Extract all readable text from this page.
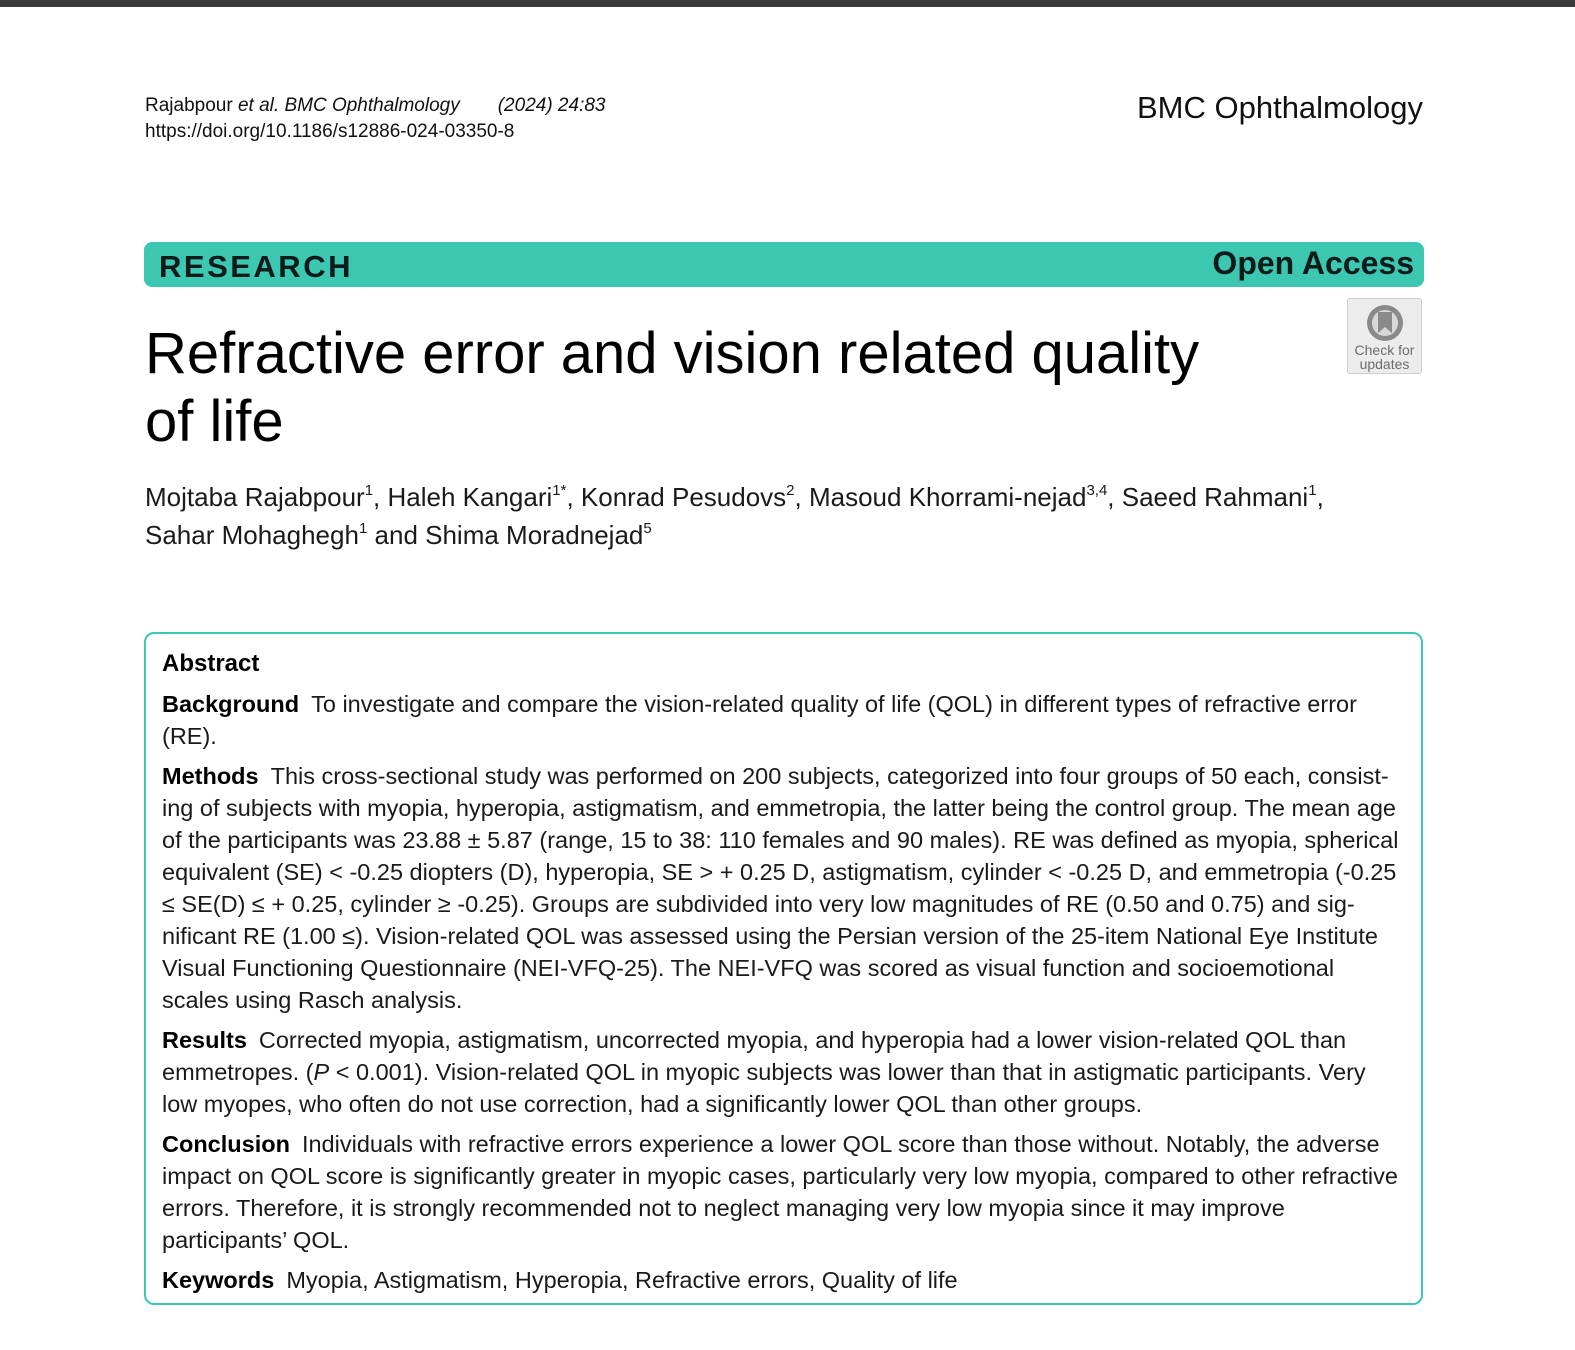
Rajabpour et al. BMC Ophthalmology (2024) 24:83
https://doi.org/10.1186/s12886-024-03350-8
BMC Ophthalmology
RESEARCH	Open Access
Check for
updates
Refractive error and vision related quality
of life
Mojtaba Rajabpour$^1$, Haleh Kangari$^{1*}$, Konrad Pesudovs$^2$, Masoud Khorrami-nejad$^{3,4}$, Saeed Rahmani$^1$,
Sahar Mohaghegh$^1$ and Shima Moradnejad$^5$
Abstract

Background To investigate and compare the vision-related quality of life (QOL) in different types of refractive error (RE).

Methods This cross-sectional study was performed on 200 subjects, categorized into four groups of 50 each, consisting of subjects with myopia, hyperopia, astigmatism, and emmetropia, the latter being the control group. The mean age of the participants was 23.88 ± 5.87 (range, 15 to 38: 110 females and 90 males). RE was defined as myopia, spherical equivalent (SE) < -0.25 diopters (D), hyperopia, SE > + 0.25 D, astigmatism, cylinder < -0.25 D, and emmetropia (-0.25 ≤ SE(D) ≤ + 0.25, cylinder ≥ -0.25). Groups are subdivided into very low magnitudes of RE (0.50 and 0.75) and significant RE (1.00 ≤). Vision-related QOL was assessed using the Persian version of the 25-item National Eye Institute Visual Functioning Questionnaire (NEI-VFQ-25). The NEI-VFQ was scored as visual function and socioemotional scales using Rasch analysis.

Results Corrected myopia, astigmatism, uncorrected myopia, and hyperopia had a lower vision-related QOL than emmetropes. (P < 0.001). Vision-related QOL in myopic subjects was lower than that in astigmatic participants. Very low myopes, who often do not use correction, had a significantly lower QOL than other groups.

Conclusion Individuals with refractive errors experience a lower QOL score than those without. Notably, the adverse impact on QOL score is significantly greater in myopic cases, particularly very low myopia, compared to other refractive errors. Therefore, it is strongly recommended not to neglect managing very low myopia since it may improve participants’ QOL.

Keywords Myopia, Astigmatism, Hyperopia, Refractive errors, Quality of life
